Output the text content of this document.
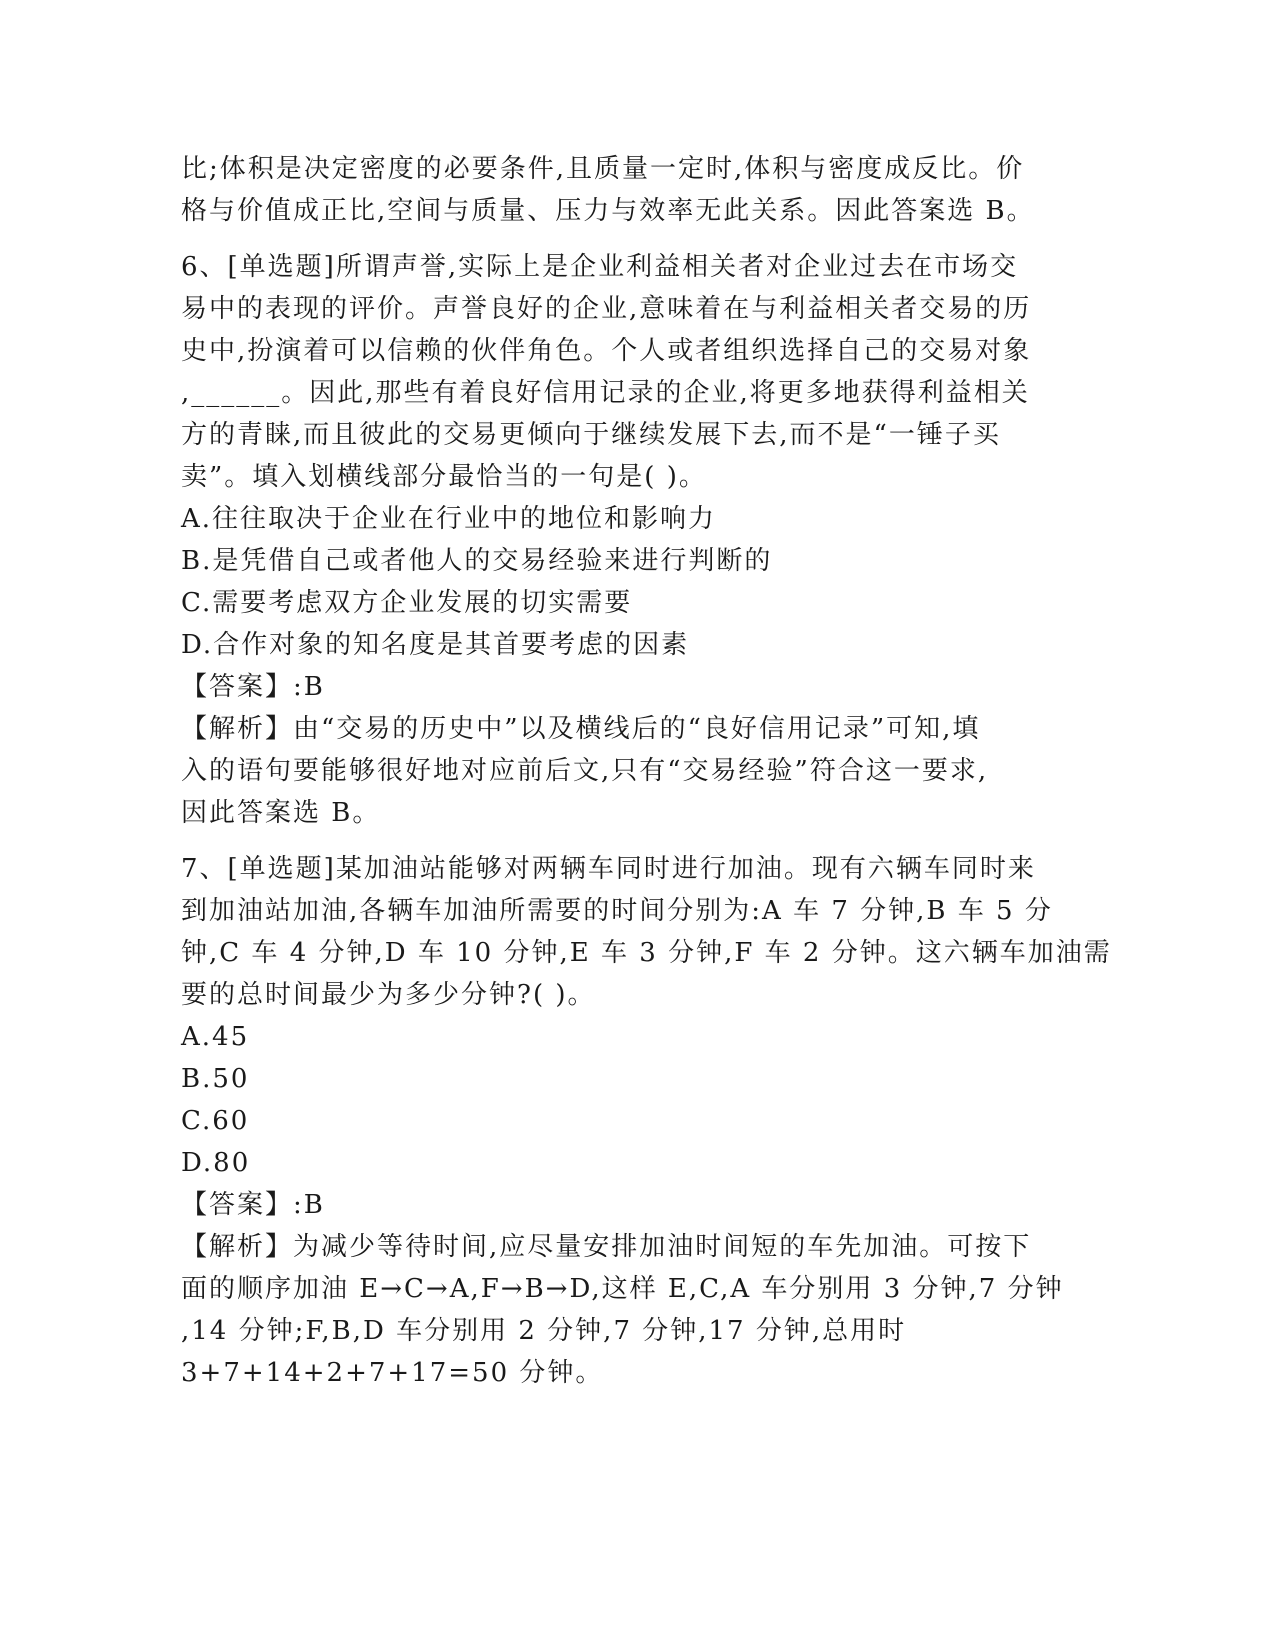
比;体积是决定密度的必要条件,且质量一定时,体积与密度成反比。价
格与价值成正比,空间与质量、压力与效率无此关系。因此答案选 B。
6、[单选题]所谓声誉,实际上是企业利益相关者对企业过去在市场交
易中的表现的评价。声誉良好的企业,意味着在与利益相关者交易的历
史中,扮演着可以信赖的伙伴角色。个人或者组织选择自己的交易对象
,______。因此,那些有着良好信用记录的企业,将更多地获得利益相关
方的青睐,而且彼此的交易更倾向于继续发展下去,而不是“一锤子买
卖”。填入划横线部分最恰当的一句是( )。
A.往往取决于企业在行业中的地位和影响力
B.是凭借自己或者他人的交易经验来进行判断的
C.需要考虑双方企业发展的切实需要
D.合作对象的知名度是其首要考虑的因素
【答案】:B
【解析】由“交易的历史中”以及横线后的“良好信用记录”可知,填
入的语句要能够很好地对应前后文,只有“交易经验”符合这一要求,
因此答案选 B。
7、[单选题]某加油站能够对两辆车同时进行加油。现有六辆车同时来
到加油站加油,各辆车加油所需要的时间分别为:A 车 7 分钟,B 车 5 分
钟,C 车 4 分钟,D 车 10 分钟,E 车 3 分钟,F 车 2 分钟。这六辆车加油需
要的总时间最少为多少分钟?( )。
A.45
B.50
C.60
D.80
【答案】:B
【解析】为减少等待时间,应尽量安排加油时间短的车先加油。可按下
面的顺序加油 E→C→A,F→B→D,这样 E,C,A 车分别用 3 分钟,7 分钟
,14 分钟;F,B,D 车分别用 2 分钟,7 分钟,17 分钟,总用时
3+7+14+2+7+17=50 分钟。
